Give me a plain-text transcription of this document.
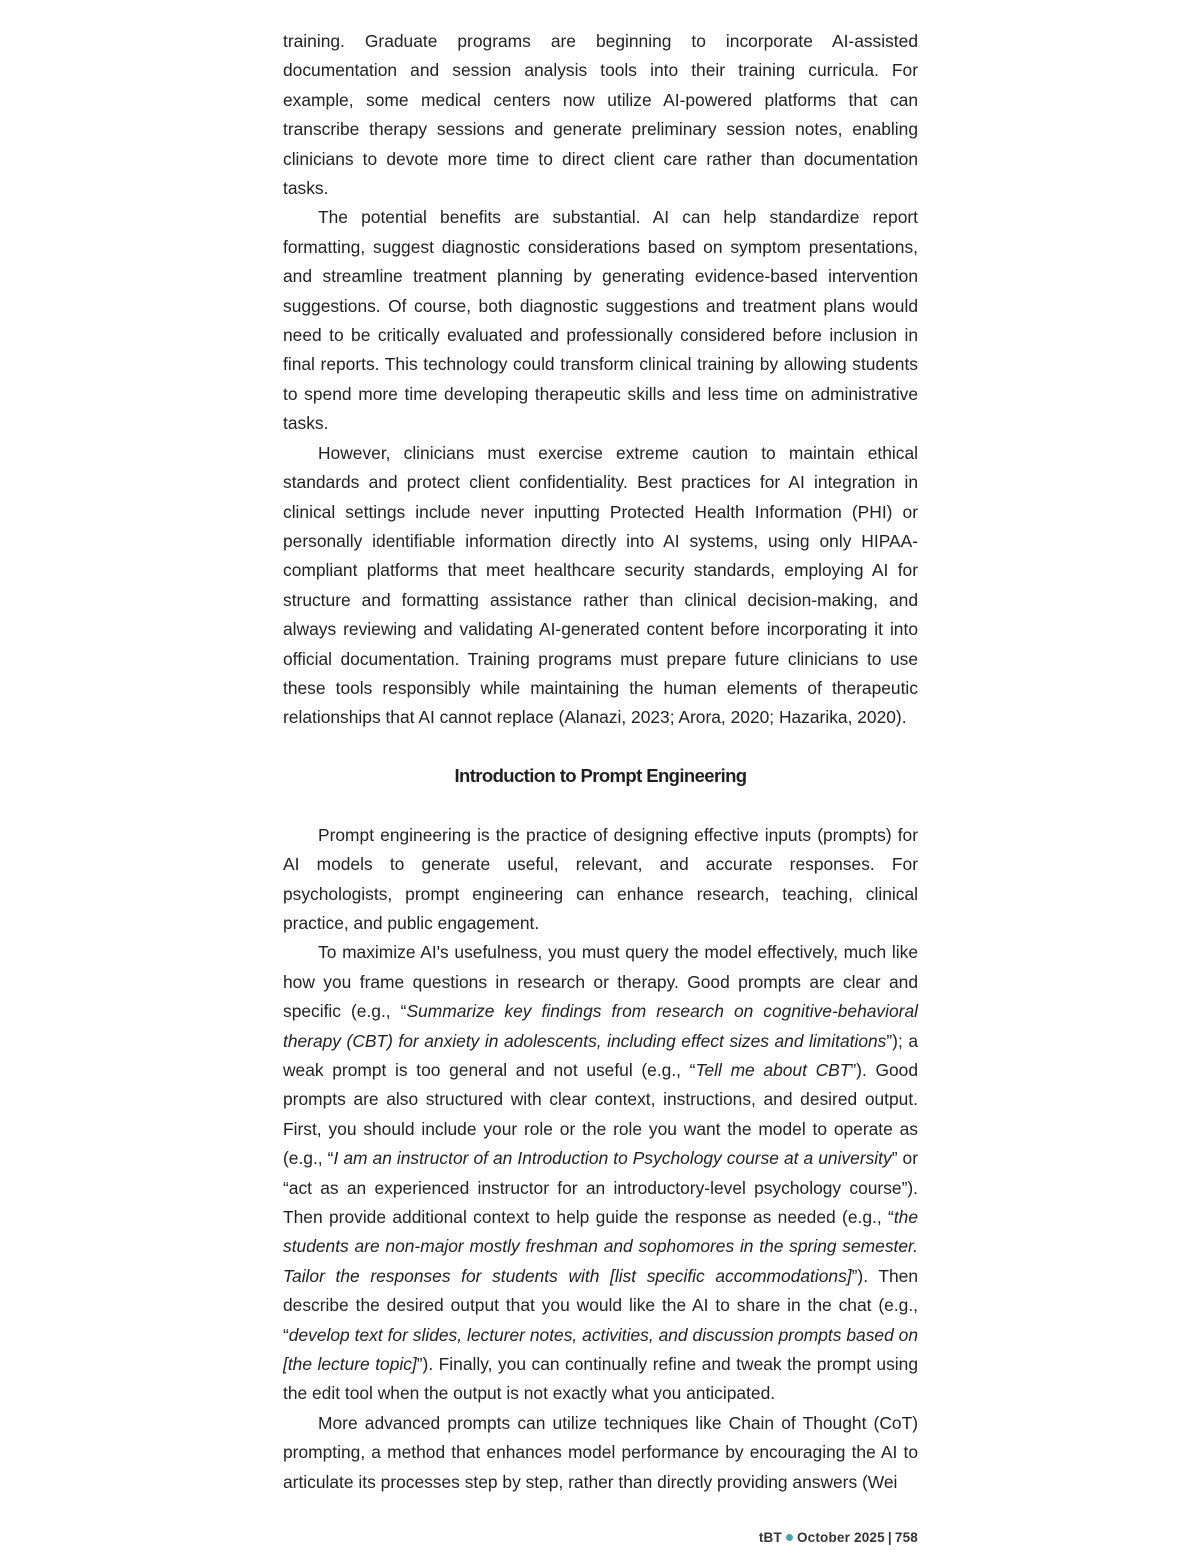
training. Graduate programs are beginning to incorporate AI-assisted documentation and session analysis tools into their training curricula. For example, some medical centers now utilize AI-powered platforms that can transcribe therapy sessions and generate preliminary session notes, enabling clinicians to devote more time to direct client care rather than documentation tasks.

The potential benefits are substantial. AI can help standardize report formatting, suggest diagnostic considerations based on symptom presentations, and streamline treatment planning by generating evidence-based intervention suggestions. Of course, both diagnostic suggestions and treatment plans would need to be critically evaluated and professionally considered before inclusion in final reports. This technology could transform clinical training by allowing students to spend more time developing therapeutic skills and less time on administrative tasks.

However, clinicians must exercise extreme caution to maintain ethical standards and protect client confidentiality. Best practices for AI integration in clinical settings include never inputting Protected Health Information (PHI) or personally identifiable information directly into AI systems, using only HIPAA-compliant platforms that meet healthcare security standards, employing AI for structure and formatting assistance rather than clinical decision-making, and always reviewing and validating AI-generated content before incorporating it into official documentation. Training programs must prepare future clinicians to use these tools responsibly while maintaining the human elements of therapeutic relationships that AI cannot replace (Alanazi, 2023; Arora, 2020; Hazarika, 2020).

Introduction to Prompt Engineering

Prompt engineering is the practice of designing effective inputs (prompts) for AI models to generate useful, relevant, and accurate responses. For psychologists, prompt engineering can enhance research, teaching, clinical practice, and public engagement.

To maximize AI's usefulness, you must query the model effectively, much like how you frame questions in research or therapy. Good prompts are clear and specific (e.g., “Summarize key findings from research on cognitive-behavioral therapy (CBT) for anxiety in adolescents, including effect sizes and limitations”); a weak prompt is too general and not useful (e.g., “Tell me about CBT”). Good prompts are also structured with clear context, instructions, and desired output. First, you should include your role or the role you want the model to operate as (e.g., “I am an instructor of an Introduction to Psychology course at a university” or “act as an experienced instructor for an introductory-level psychology course”). Then provide additional context to help guide the response as needed (e.g., “the students are non-major mostly freshman and sophomores in the spring semester. Tailor the responses for students with [list specific accommodations]”). Then describe the desired output that you would like the AI to share in the chat (e.g., “develop text for slides, lecturer notes, activities, and discussion prompts based on [the lecture topic]”). Finally, you can continually refine and tweak the prompt using the edit tool when the output is not exactly what you anticipated.

More advanced prompts can utilize techniques like Chain of Thought (CoT) prompting, a method that enhances model performance by encouraging the AI to articulate its processes step by step, rather than directly providing answers (Wei

tBT October 2025 | 758
